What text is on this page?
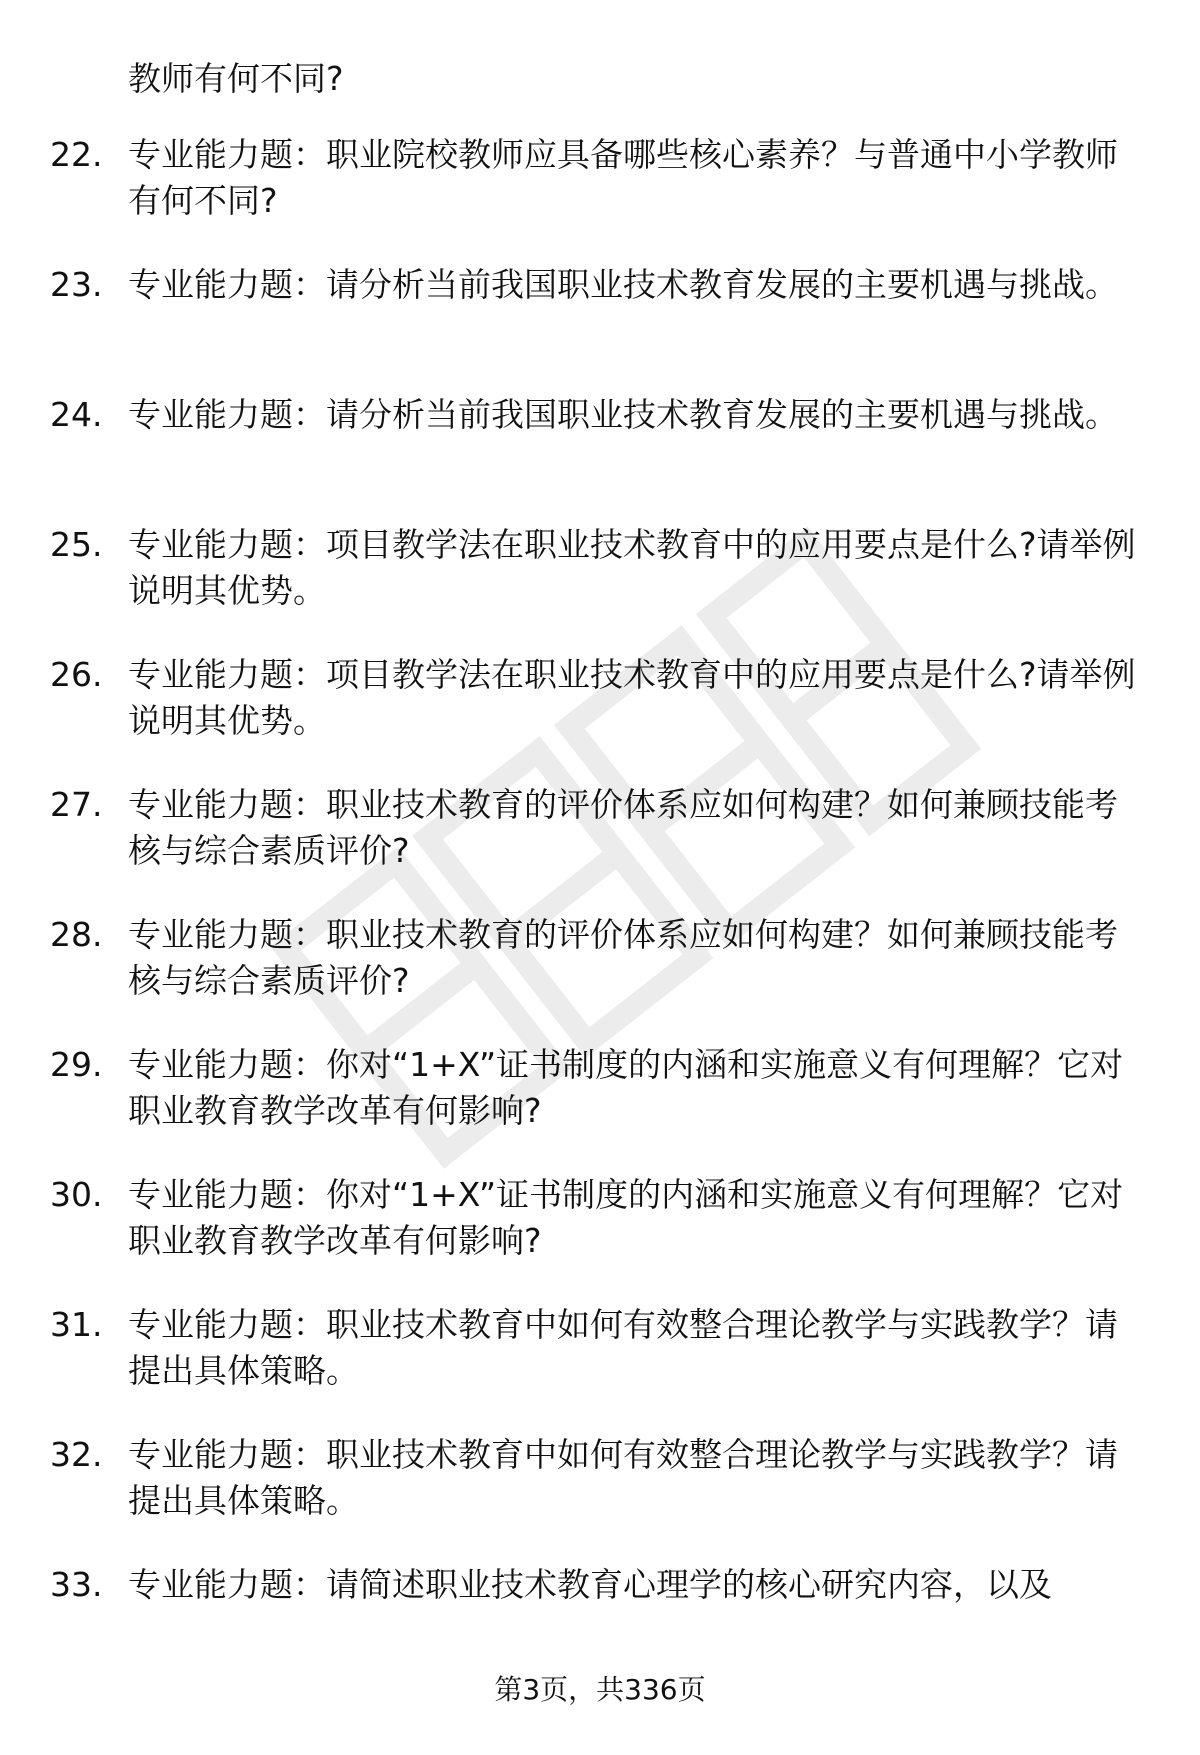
教师有何不同?

22. 专业能力题：职业院校教师应具备哪些核心素养？与普通中小学教师有何不同?

23. 专业能力题：请分析当前我国职业技术教育发展的主要机遇与挑战。

24. 专业能力题：请分析当前我国职业技术教育发展的主要机遇与挑战。

25. 专业能力题：项目教学法在职业技术教育中的应用要点是什么?请举例说明其优势。

26. 专业能力题：项目教学法在职业技术教育中的应用要点是什么?请举例说明其优势。

27. 专业能力题：职业技术教育的评价体系应如何构建？如何兼顾技能考核与综合素质评价?

28. 专业能力题：职业技术教育的评价体系应如何构建？如何兼顾技能考核与综合素质评价?

29. 专业能力题：你对“1+X”证书制度的内涵和实施意义有何理解？它对职业教育教学改革有何影响?

30. 专业能力题：你对“1+X”证书制度的内涵和实施意义有何理解？它对职业教育教学改革有何影响?

31. 专业能力题：职业技术教育中如何有效整合理论教学与实践教学？请提出具体策略。

32. 专业能力题：职业技术教育中如何有效整合理论教学与实践教学？请提出具体策略。

33. 专业能力题：请简述职业技术教育心理学的核心研究内容，以及

第3页，共336页
